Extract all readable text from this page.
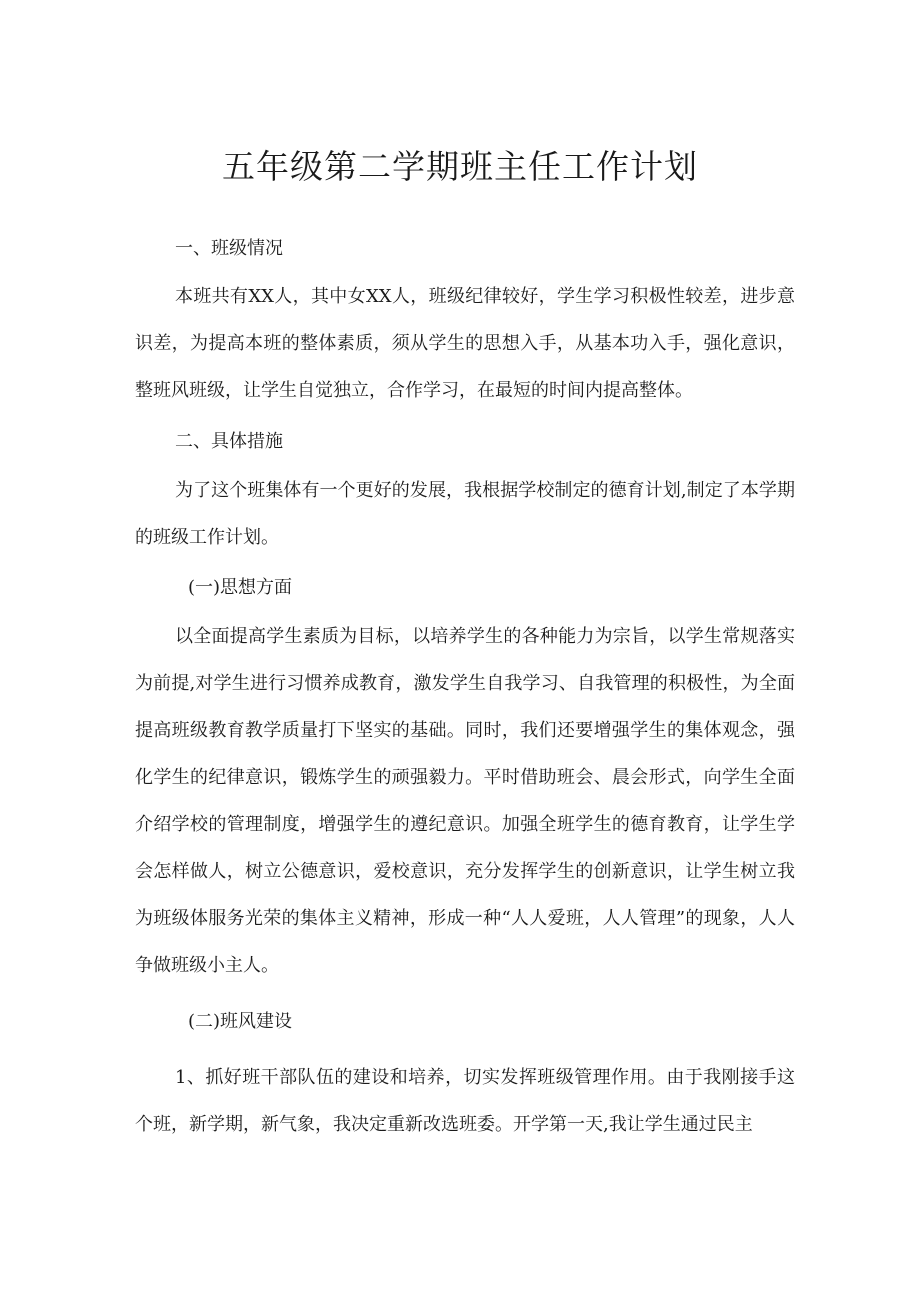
五年级第二学期班主任工作计划

一、班级情况

本班共有XX人，其中女XX人，班级纪律较好，学生学习积极性较差，进步意识差，为提高本班的整体素质，须从学生的思想入手，从基本功入手，强化意识，整班风班级，让学生自觉独立，合作学习，在最短的时间内提高整体。

二、具体措施

为了这个班集体有一个更好的发展，我根据学校制定的德育计划,制定了本学期的班级工作计划。

(一)思想方面

以全面提高学生素质为目标，以培养学生的各种能力为宗旨，以学生常规落实为前提,对学生进行习惯养成教育，激发学生自我学习、自我管理的积极性，为全面提高班级教育教学质量打下坚实的基础。同时，我们还要增强学生的集体观念，强化学生的纪律意识，锻炼学生的顽强毅力。平时借助班会、晨会形式，向学生全面介绍学校的管理制度，增强学生的遵纪意识。加强全班学生的德育教育，让学生学会怎样做人，树立公德意识，爱校意识，充分发挥学生的创新意识，让学生树立我为班级体服务光荣的集体主义精神，形成一种“人人爱班，人人管理”的现象，人人争做班级小主人。

(二)班风建设

1、抓好班干部队伍的建设和培养，切实发挥班级管理作用。由于我刚接手这个班，新学期，新气象，我决定重新改选班委。开学第一天,我让学生通过民主
